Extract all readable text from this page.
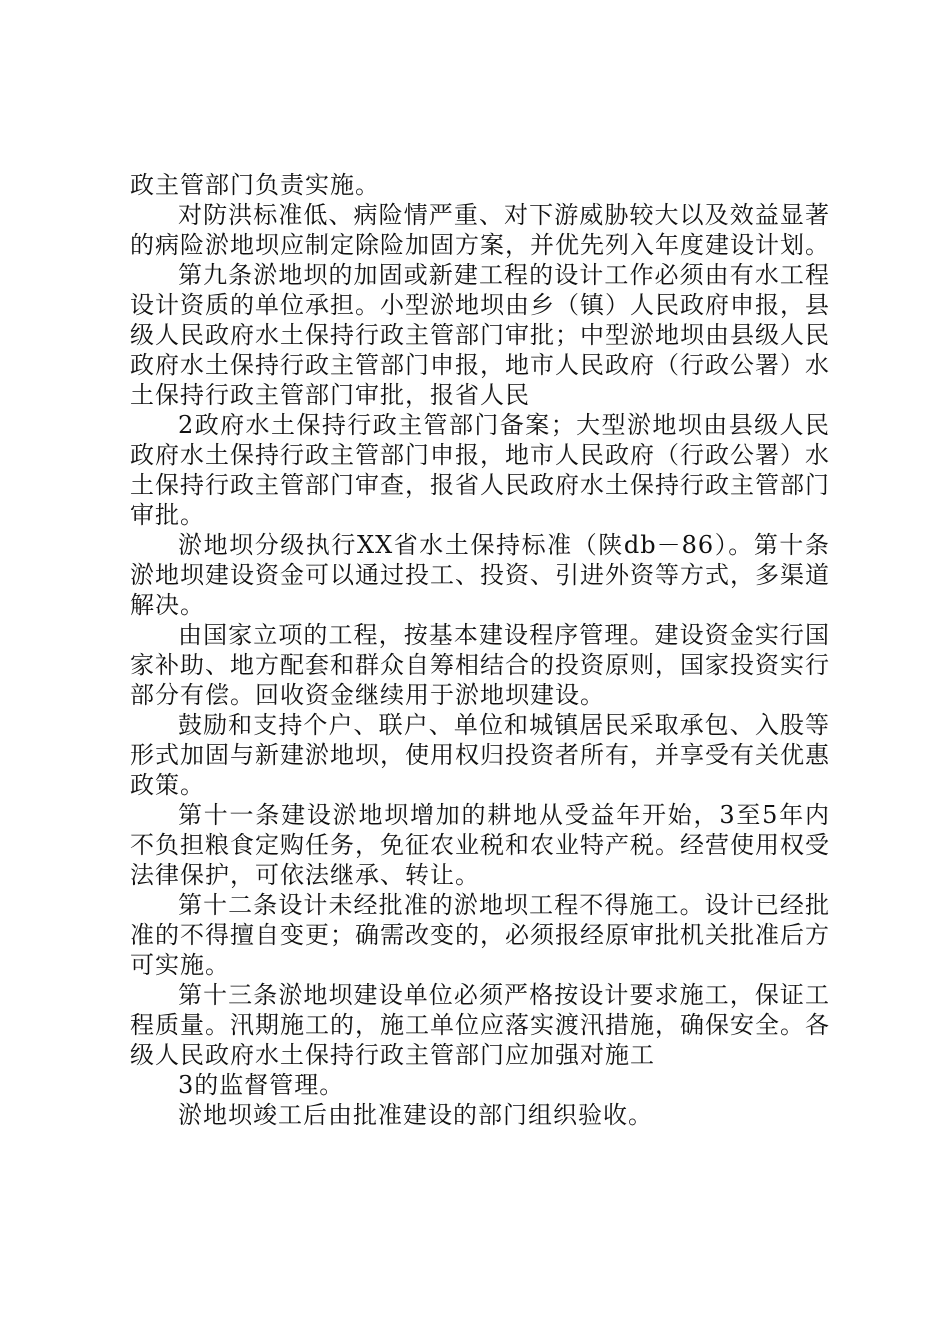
政主管部门负责实施。

对防洪标准低、病险情严重、对下游威胁较大以及效益显著的病险淤地坝应制定除险加固方案，并优先列入年度建设计划。

第九条淤地坝的加固或新建工程的设计工作必须由有水工程设计资质的单位承担。小型淤地坝由乡（镇）人民政府申报，县级人民政府水土保持行政主管部门审批；中型淤地坝由县级人民政府水土保持行政主管部门申报，地市人民政府（行政公署）水土保持行政主管部门审批，报省人民

2政府水土保持行政主管部门备案；大型淤地坝由县级人民政府水土保持行政主管部门申报，地市人民政府（行政公署）水土保持行政主管部门审查，报省人民政府水土保持行政主管部门审批。

淤地坝分级执行XX省水土保持标准（陕db－86）。第十条淤地坝建设资金可以通过投工、投资、引进外资等方式，多渠道解决。

由国家立项的工程，按基本建设程序管理。建设资金实行国家补助、地方配套和群众自筹相结合的投资原则，国家投资实行部分有偿。回收资金继续用于淤地坝建设。

鼓励和支持个户、联户、单位和城镇居民采取承包、入股等形式加固与新建淤地坝，使用权归投资者所有，并享受有关优惠政策。

第十一条建设淤地坝增加的耕地从受益年开始，3至5年内不负担粮食定购任务，免征农业税和农业特产税。经营使用权受法律保护，可依法继承、转让。

第十二条设计未经批准的淤地坝工程不得施工。设计已经批准的不得擅自变更；确需改变的，必须报经原审批机关批准后方可实施。

第十三条淤地坝建设单位必须严格按设计要求施工，保证工程质量。汛期施工的，施工单位应落实渡汛措施，确保安全。各级人民政府水土保持行政主管部门应加强对施工

3的监督管理。

淤地坝竣工后由批准建设的部门组织验收。
